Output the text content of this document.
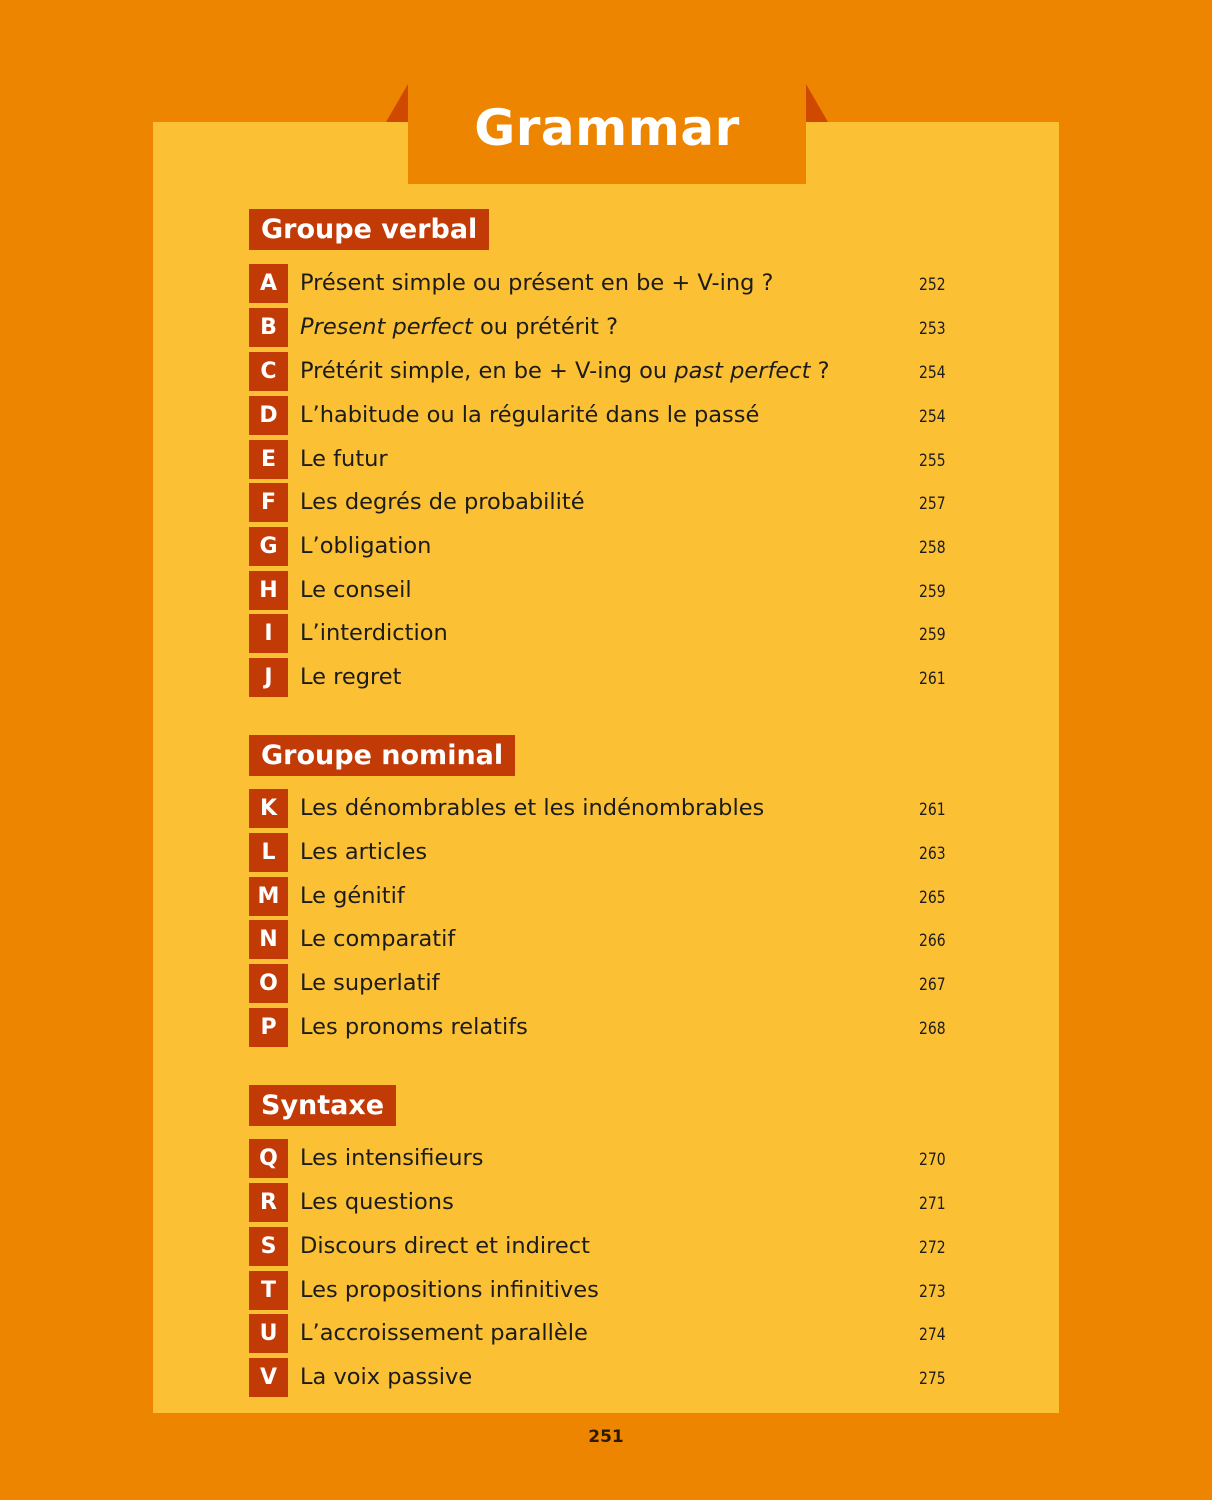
Grammar
Groupe verbal
A	Présent simple ou présent en be + V-ing ?	252
B	Present perfect ou prétérit ?	253
C	Prétérit simple, en be + V-ing ou past perfect ?	254
D L’habitude ou la régularité dans le passé	254
E	Le futur	255
F	Les degrés de probabilité	257
G L’obligation	258
H Le conseil	259
I	L’interdiction	259
J	Le regret	261
Groupe nominal
K	Les dénombrables et les indénombrables	261
L	Les articles	263
M Le génitif	265
N Le comparatif	266
O Le superlatif	267
P	Les pronoms relatifs	268
Syntaxe
Q Les intensifieurs	270
R	Les questions	271
S	Discours direct et indirect	272
T	Les propositions infinitives	273
U	L’accroissement parallèle	274
V	La voix passive	275
251
